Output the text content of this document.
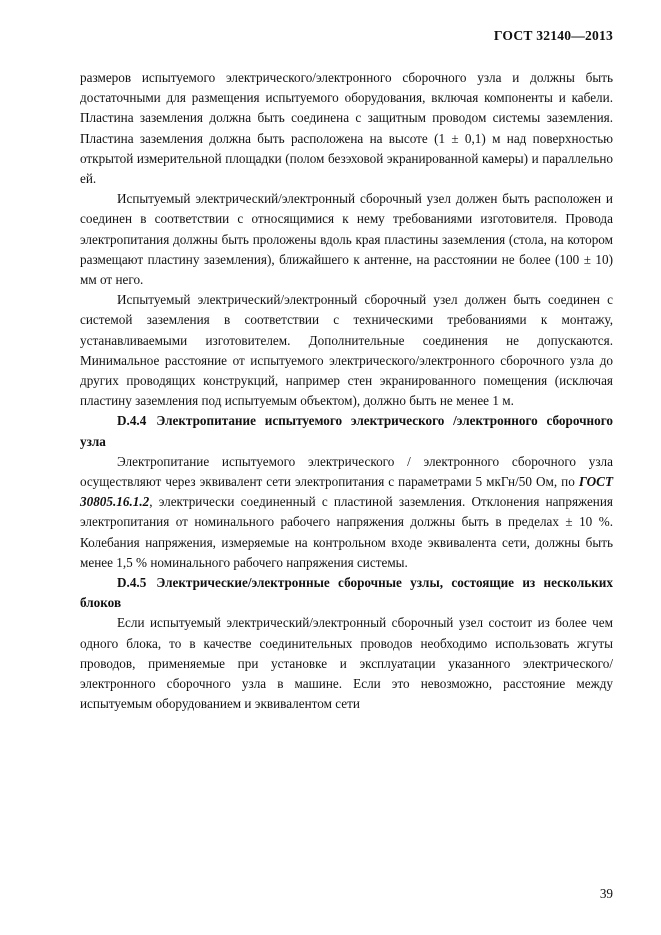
ГОСТ 32140—2013

размеров испытуемого электрического/электронного сборочного узла и должны быть достаточными для размещения испытуемого оборудования, включая компоненты и кабели. Пластина заземления должна быть соединена с защитным проводом системы заземления. Пластина заземления должна быть расположена на высоте (1 ± 0,1) м над поверхностью открытой измерительной площадки (полом безэховой экранированной камеры) и параллельно ей.

Испытуемый электрический/электронный сборочный узел должен быть расположен и соединен в соответствии с относящимися к нему требованиями изготовителя. Провода электропитания должны быть проложены вдоль края пластины заземления (стола, на котором размещают пластину заземления), ближайшего к антенне, на расстоянии не более (100 ± 10) мм от него.

Испытуемый электрический/электронный сборочный узел должен быть соединен с системой заземления в соответствии с техническими требованиями к монтажу, устанавливаемыми изготовителем. Дополнительные соединения не допускаются. Минимальное расстояние от испытуемого электрического/электронного сборочного узла до других проводящих конструкций, например стен экранированного помещения (исключая пластину заземления под испытуемым объектом), должно быть не менее 1 м.

D.4.4 Электропитание испытуемого электрического /электронного сборочного узла

Электропитание испытуемого электрического / электронного сборочного узла осуществляют через эквивалент сети электропитания с параметрами 5 мкГн/50 Ом, по ГОСТ 30805.16.1.2, электрически соединенный с пластиной заземления. Отклонения напряжения электропитания от номинального рабочего напряжения должны быть в пределах ± 10 %. Колебания напряжения, измеряемые на контрольном входе эквивалента сети, должны быть менее 1,5 % номинального рабочего напряжения системы.

D.4.5 Электрические/электронные сборочные узлы, состоящие из нескольких блоков

Если испытуемый электрический/электронный сборочный узел состоит из более чем одного блока, то в качестве соединительных проводов необходимо использовать жгуты проводов, применяемые при установке и эксплуатации указанного электрического/электронного сборочного узла в машине. Если это невозможно, расстояние между испытуемым оборудованием и эквивалентом сети

39
